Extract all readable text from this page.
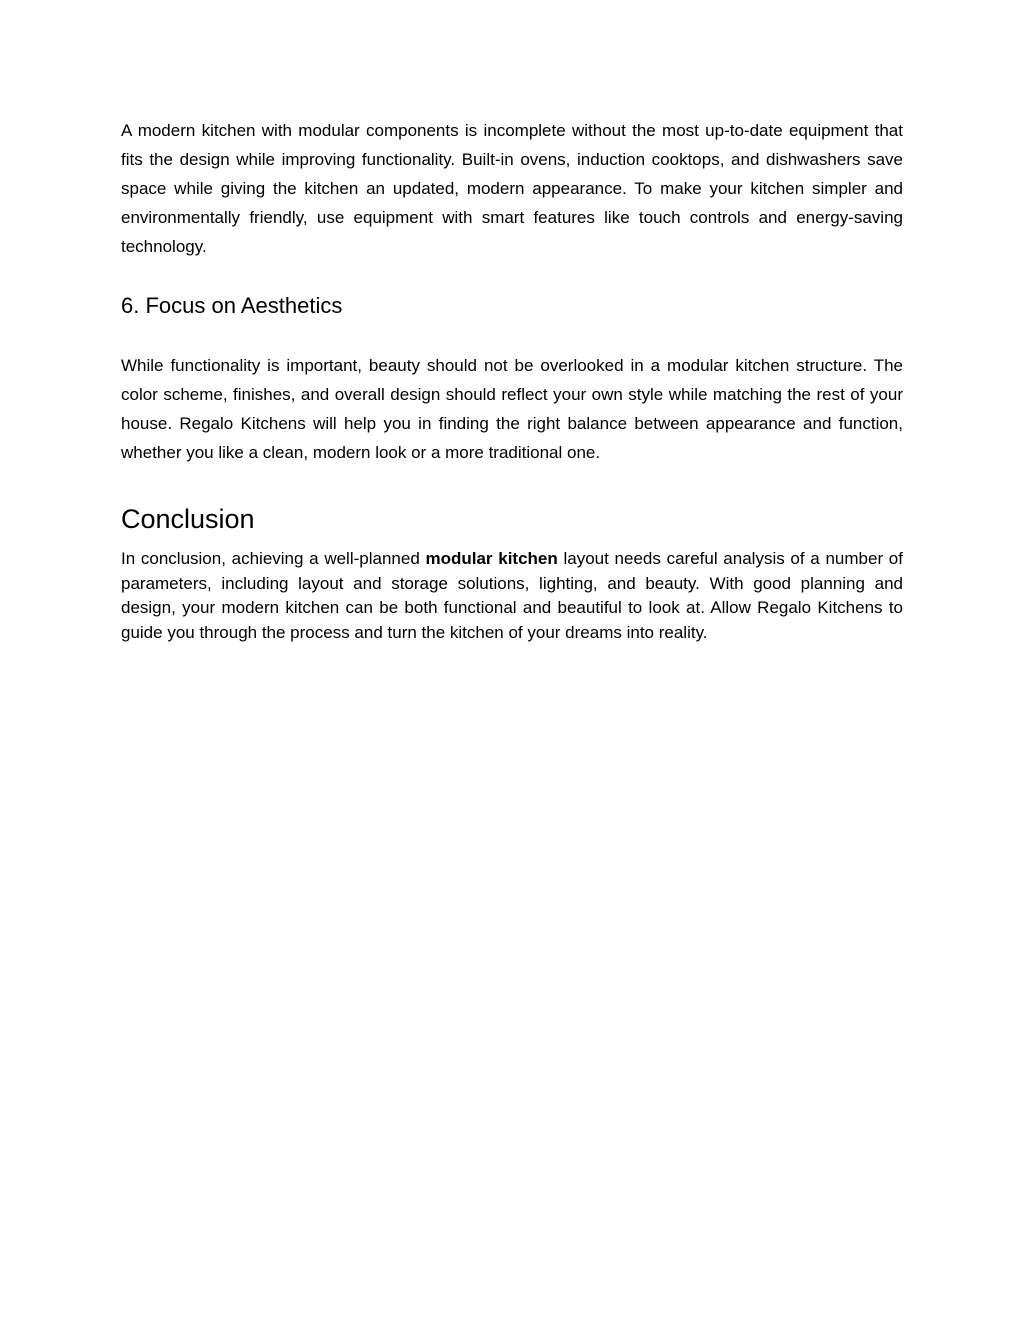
A modern kitchen with modular components is incomplete without the most up-to-date equipment that fits the design while improving functionality. Built-in ovens, induction cooktops, and dishwashers save space while giving the kitchen an updated, modern appearance. To make your kitchen simpler and environmentally friendly, use equipment with smart features like touch controls and energy-saving technology.

6. Focus on Aesthetics

While functionality is important, beauty should not be overlooked in a modular kitchen structure. The color scheme, finishes, and overall design should reflect your own style while matching the rest of your house. Regalo Kitchens will help you in finding the right balance between appearance and function, whether you like a clean, modern look or a more traditional one.

Conclusion

In conclusion, achieving a well-planned modular kitchen layout needs careful analysis of a number of parameters, including layout and storage solutions, lighting, and beauty. With good planning and design, your modern kitchen can be both functional and beautiful to look at. Allow Regalo Kitchens to guide you through the process and turn the kitchen of your dreams into reality.
